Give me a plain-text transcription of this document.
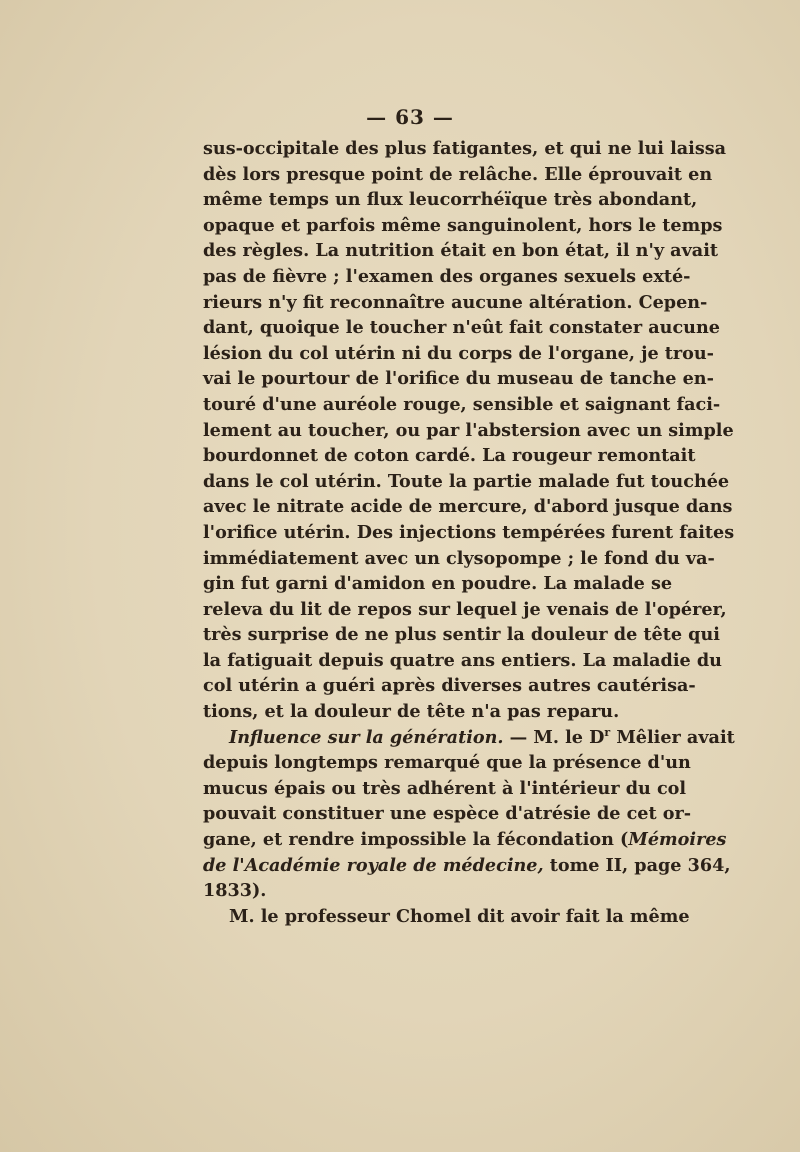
— 63 —
sus-occipitale des plus fatigantes, et qui ne lui laissa
dès lors presque point de relâche. Elle éprouvait en
même temps un flux leucorrhéïque très abondant,
opaque et parfois même sanguinolent, hors le temps
des règles. La nutrition était en bon état, il n'y avait
pas de fièvre ; l'examen des organes sexuels exté-
rieurs n'y fit reconnaître aucune altération. Cepen-
dant, quoique le toucher n'eût fait constater aucune
lésion du col utérin ni du corps de l'organe, je trou-
vai le pourtour de l'orifice du museau de tanche en-
touré d'une auréole rouge, sensible et saignant faci-
lement au toucher, ou par l'abstersion avec un simple
bourdonnet de coton cardé. La rougeur remontait
dans le col utérin. Toute la partie malade fut touchée
avec le nitrate acide de mercure, d'abord jusque dans
l'orifice utérin. Des injections tempérées furent faites
immédiatement avec un clysopompe ; le fond du va-
gin fut garni d'amidon en poudre. La malade se
releva du lit de repos sur lequel je venais de l'opérer,
très surprise de ne plus sentir la douleur de tête qui
la fatiguait depuis quatre ans entiers. La maladie du
col utérin a guéri après diverses autres cautérisa-
tions, et la douleur de tête n'a pas reparu.
Influence sur la génération. — M. le $D^r$ Mêlier avait
depuis longtemps remarqué que la présence d'un
mucus épais ou très adhérent à l'intérieur du col
pouvait constituer une espèce d'atrésie de cet or-
gane, et rendre impossible la fécondation (Mémoires
de l'Académie royale de médecine, tome II, page 364,
1833).
M. le professeur Chomel dit avoir fait la même
